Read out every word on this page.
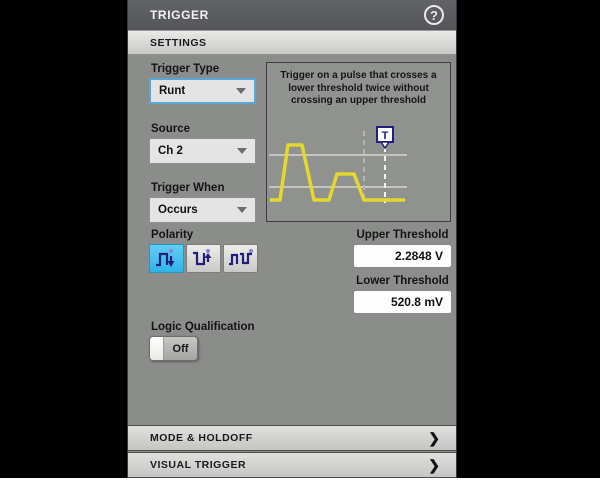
TRIGGER	?
SETTINGS
Trigger Type
Runt
Source
Ch 2
Trigger When
Occurs
Trigger on a pulse that crosses a
lower threshold twice without
crossing an upper threshold
T
Polarity	Upper Threshold
2.2848 V
Lower Threshold
520.8 mV
Logic Qualification
Off
MODE & HOLDOFF	❯
VISUAL TRIGGER	❯
